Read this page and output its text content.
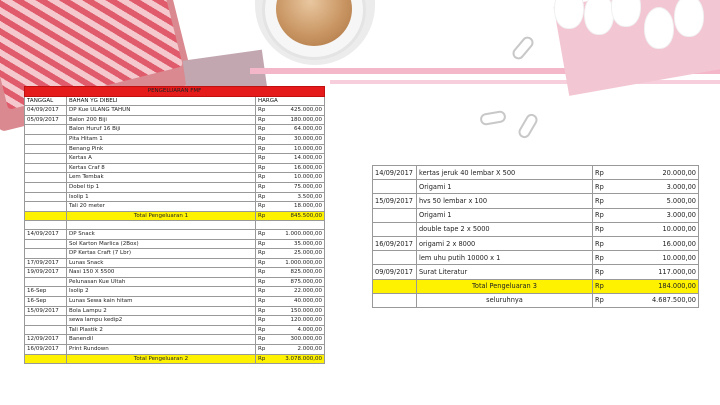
PENGELUARAN FMF		
TANGGAL	BAHAN YG DIBELI	HARGA
04/09/2017	DP Kue ULANG TAHUN	Rp 425.000,00

05/09/2017	Balon 200 Biji	Rp 180.000,00

	Balon Huruf 16 Biji	Rp 64.000,00

	Pita Hitam 1	Rp 30.000,00

	Benang Pink	Rp 10.000,00

	Kertas A	Rp 14.000,00

	Kertas Craf 8	Rp 16.000,00

	Lem Tembak	Rp 10.000,00

	Dobel tip 1	Rp 75.000,00

	Isolip 1	Rp 3.500,00

	Tali 20 meter	Rp 18.000,00

	Total Pengeluaran 1	Rp 845.500,00

14/09/2017	DP Snack	Rp 1.000.000,00

	Sol Karton Marlica (2Box)	Rp 35.000,00

	DP Kertas Craft (7 Lbr)	Rp 25.000,00

17/09/2017	Lunas Snack	Rp 1.000.000,00

19/09/2017	Nasi 150 X 5500	Rp 825.000,00

	Pelunasan Kue Ultah	Rp 875.000,00

16-Sep	Isolip 2	Rp 22.000,00

16-Sep	Lunas Sewa kain hitam	Rp 40.000,00

15/09/2017	Bola Lampu 2	Rp 150.000,00

	sewa lampu kedip2	Rp 120.000,00

	Tali Plastik 2	Rp 4.000,00

12/09/2017	Banendil	Rp 300.000,00

16/09/2017	Print Rundown	Rp 2.000,00

	Total Pengeluaran 2	Rp 3.078.000,00
14/09/2017	kertas jeruk 40 lembar X 500	Rp 20.000,00

	Origami 1	Rp 3.000,00

15/09/2017	hvs 50 lembar x 100	Rp 5.000,00

	Origami 1	Rp 3.000,00

	double tape 2 x 5000	Rp 10.000,00

16/09/2017	origami 2 x 8000	Rp 16.000,00

	lem uhu putih 10000 x 1	Rp 10.000,00

09/09/2017	Surat Literatur	Rp 117.000,00

	Total Pengeluaran 3	Rp 184.000,00

	seluruhnya	Rp 4.687.500,00
